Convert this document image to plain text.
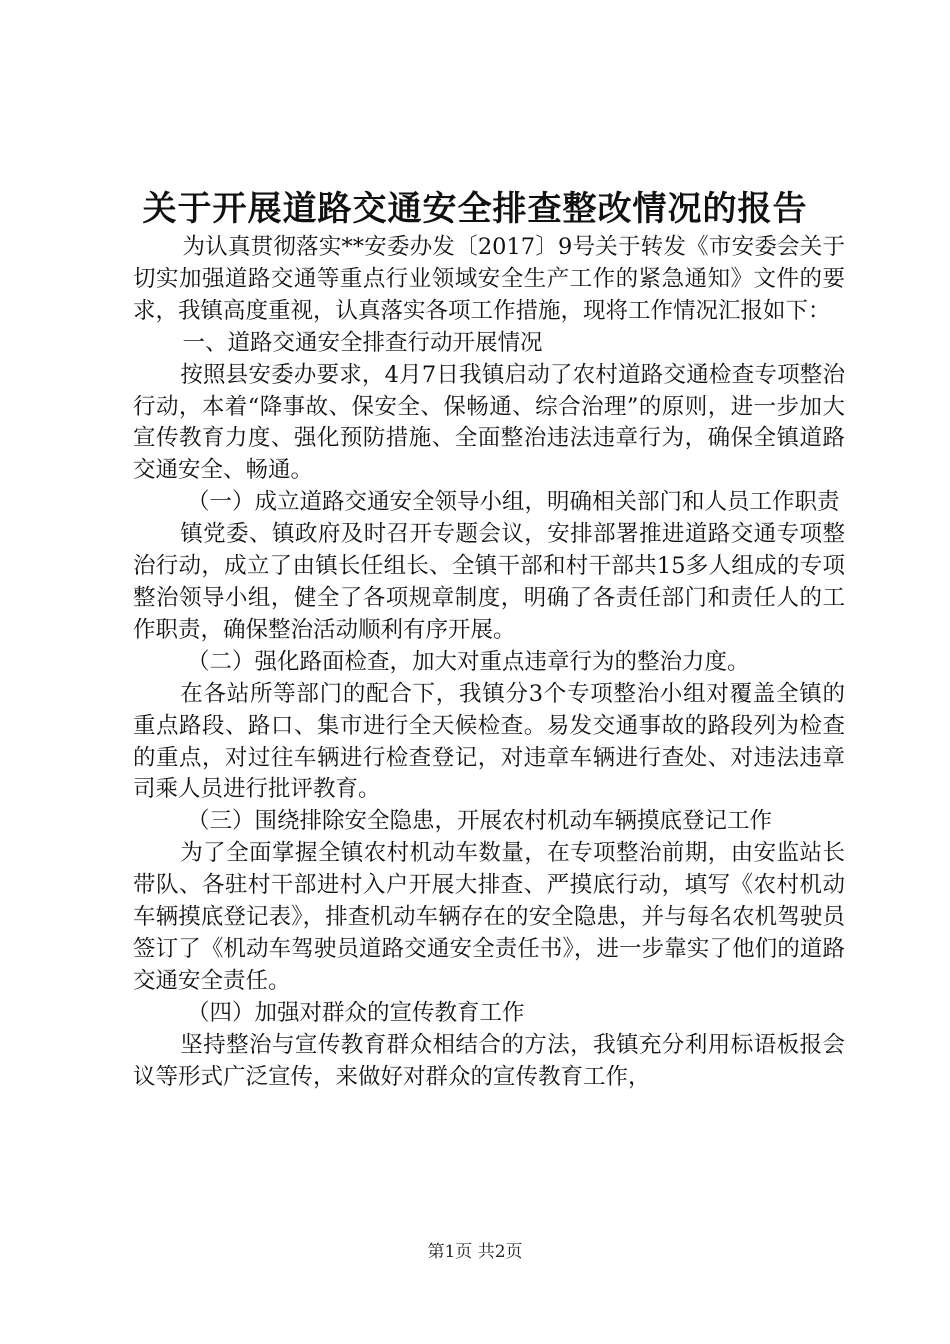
关于开展道路交通安全排查整改情况的报告

为认真贯彻落实**安委办发〔2017〕9号关于转发《市安委会关于切实加强道路交通等重点行业领域安全生产工作的紧急通知》文件的要求，我镇高度重视，认真落实各项工作措施，现将工作情况汇报如下：

一、道路交通安全排查行动开展情况

按照县安委办要求，4月7日我镇启动了农村道路交通检查专项整治行动，本着“降事故、保安全、保畅通、综合治理”的原则，进一步加大宣传教育力度、强化预防措施、全面整治违法违章行为，确保全镇道路交通安全、畅通。

（一）成立道路交通安全领导小组，明确相关部门和人员工作职责

镇党委、镇政府及时召开专题会议，安排部署推进道路交通专项整治行动，成立了由镇长任组长、全镇干部和村干部共15多人组成的专项整治领导小组，健全了各项规章制度，明确了各责任部门和责任人的工作职责，确保整治活动顺利有序开展。

（二）强化路面检查，加大对重点违章行为的整治力度。

在各站所等部门的配合下，我镇分3个专项整治小组对覆盖全镇的重点路段、路口、集市进行全天候检查。易发交通事故的路段列为检查的重点，对过往车辆进行检查登记，对违章车辆进行查处、对违法违章司乘人员进行批评教育。

（三）围绕排除安全隐患，开展农村机动车辆摸底登记工作

为了全面掌握全镇农村机动车数量，在专项整治前期，由安监站长带队、各驻村干部进村入户开展大排查、严摸底行动，填写《农村机动车辆摸底登记表》，排查机动车辆存在的安全隐患，并与每名农机驾驶员签订了《机动车驾驶员道路交通安全责任书》，进一步靠实了他们的道路交通安全责任。

（四）加强对群众的宣传教育工作

坚持整治与宣传教育群众相结合的方法，我镇充分利用标语板报会议等形式广泛宣传，来做好对群众的宣传教育工作，

第1页 共2页
